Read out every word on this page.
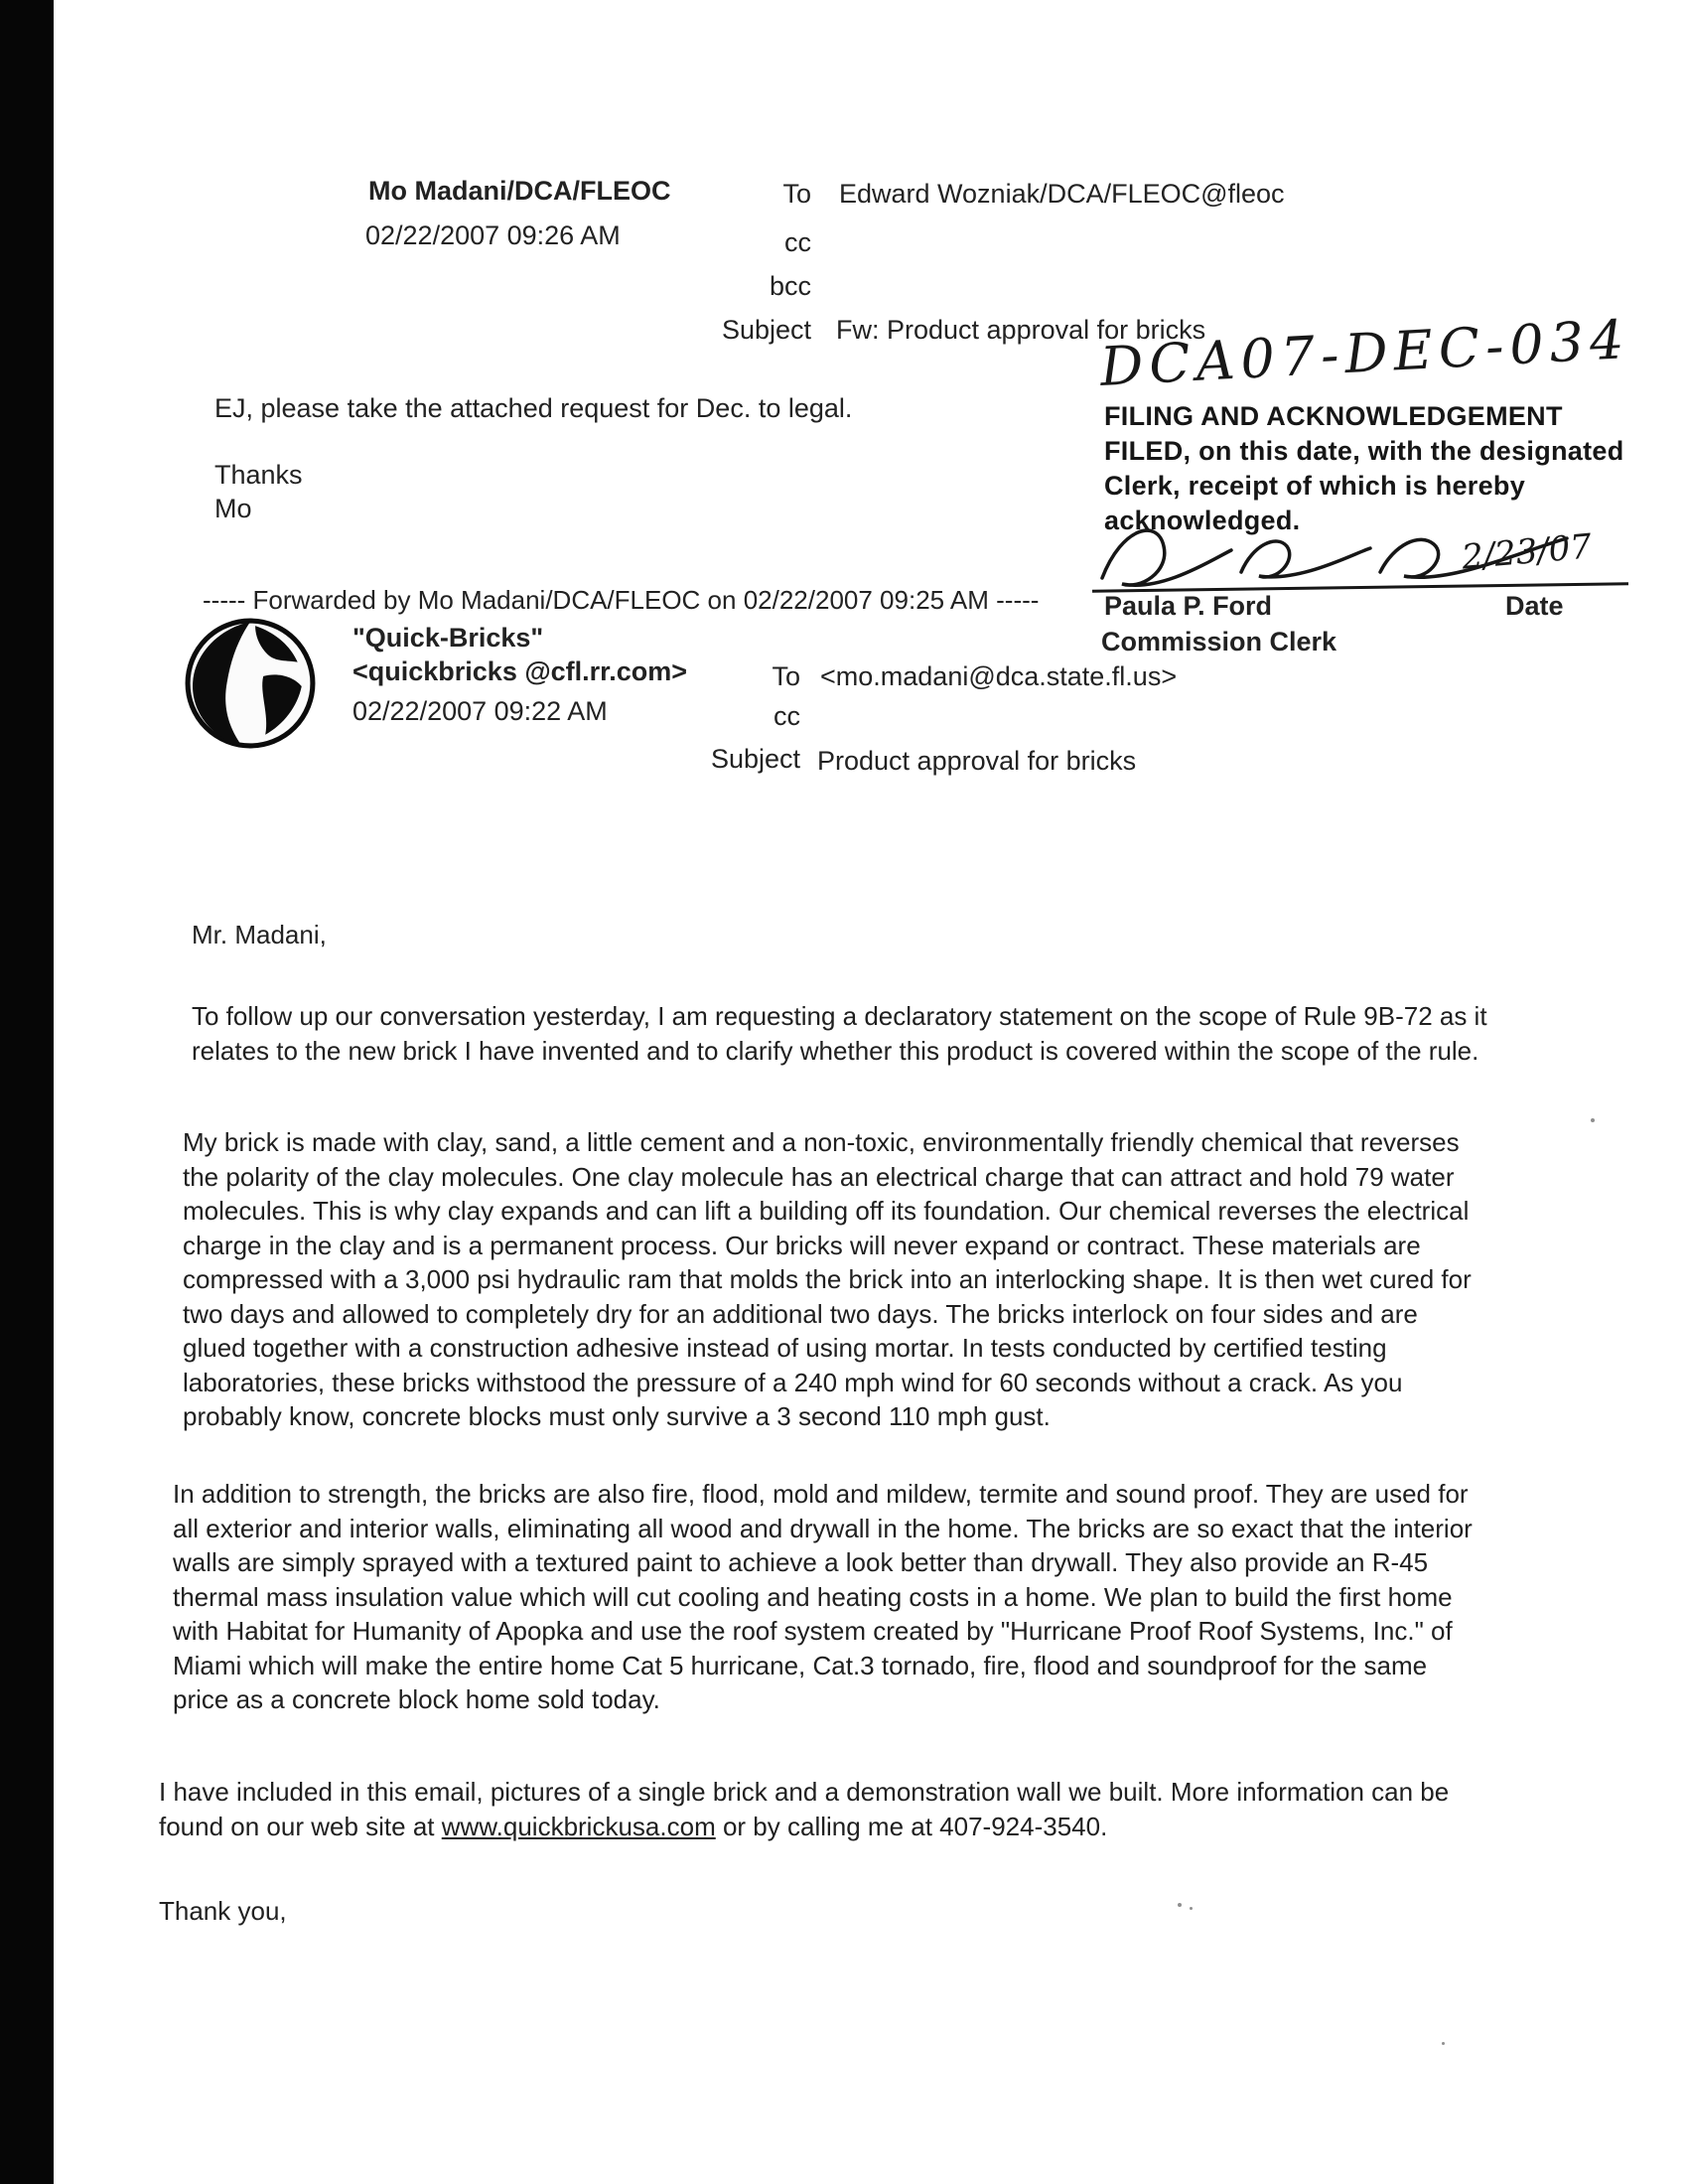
Mo Madani/DCA/FLEOC
02/22/2007 09:26 AM
To Edward Wozniak/DCA/FLEOC@fleoc
cc
bcc
Subject Fw: Product approval for bricks
EJ, please take the attached request for Dec. to legal.
Thanks
Mo
DCA07-DEC-034
FILING AND ACKNOWLEDGEMENT
FILED, on this date, with the designated
Clerk, receipt of which is hereby
acknowledged.
2/23/07
Paula P. Ford	Date
Commission Clerk
----- Forwarded by Mo Madani/DCA/FLEOC on 02/22/2007 09:25 AM -----
"Quick-Bricks"
<quickbricks @cfl.rr.com>
02/22/2007 09:22 AM
To <mo.madani@dca.state.fl.us>
cc
Subject Product approval for bricks
Mr. Madani,
To follow up our conversation yesterday, I am requesting a declaratory statement on the scope of Rule 9B-72 as it relates to the new brick I have invented and to clarify whether this product is covered within the scope of the rule.
My brick is made with clay, sand, a little cement and a non-toxic, environmentally friendly chemical that reverses the polarity of the clay molecules. One clay molecule has an electrical charge that can attract and hold 79 water molecules. This is why clay expands and can lift a building off its foundation. Our chemical reverses the electrical charge in the clay and is a permanent process. Our bricks will never expand or contract. These materials are compressed with a 3,000 psi hydraulic ram that molds the brick into an interlocking shape. It is then wet cured for two days and allowed to completely dry for an additional two days. The bricks interlock on four sides and are glued together with a construction adhesive instead of using mortar. In tests conducted by certified testing laboratories, these bricks withstood the pressure of a 240 mph wind for 60 seconds without a crack. As you probably know, concrete blocks must only survive a 3 second 110 mph gust.
In addition to strength, the bricks are also fire, flood, mold and mildew, termite and sound proof. They are used for all exterior and interior walls, eliminating all wood and drywall in the home. The bricks are so exact that the interior walls are simply sprayed with a textured paint to achieve a look better than drywall. They also provide an R-45 thermal mass insulation value which will cut cooling and heating costs in a home. We plan to build the first home with Habitat for Humanity of Apopka and use the roof system created by "Hurricane Proof Roof Systems, Inc." of Miami which will make the entire home Cat 5 hurricane, Cat.3 tornado, fire, flood and soundproof for the same price as a concrete block home sold today.
I have included in this email, pictures of a single brick and a demonstration wall we built. More information can be found on our web site at www.quickbrickusa.com or by calling me at 407-924-3540.
Thank you,
